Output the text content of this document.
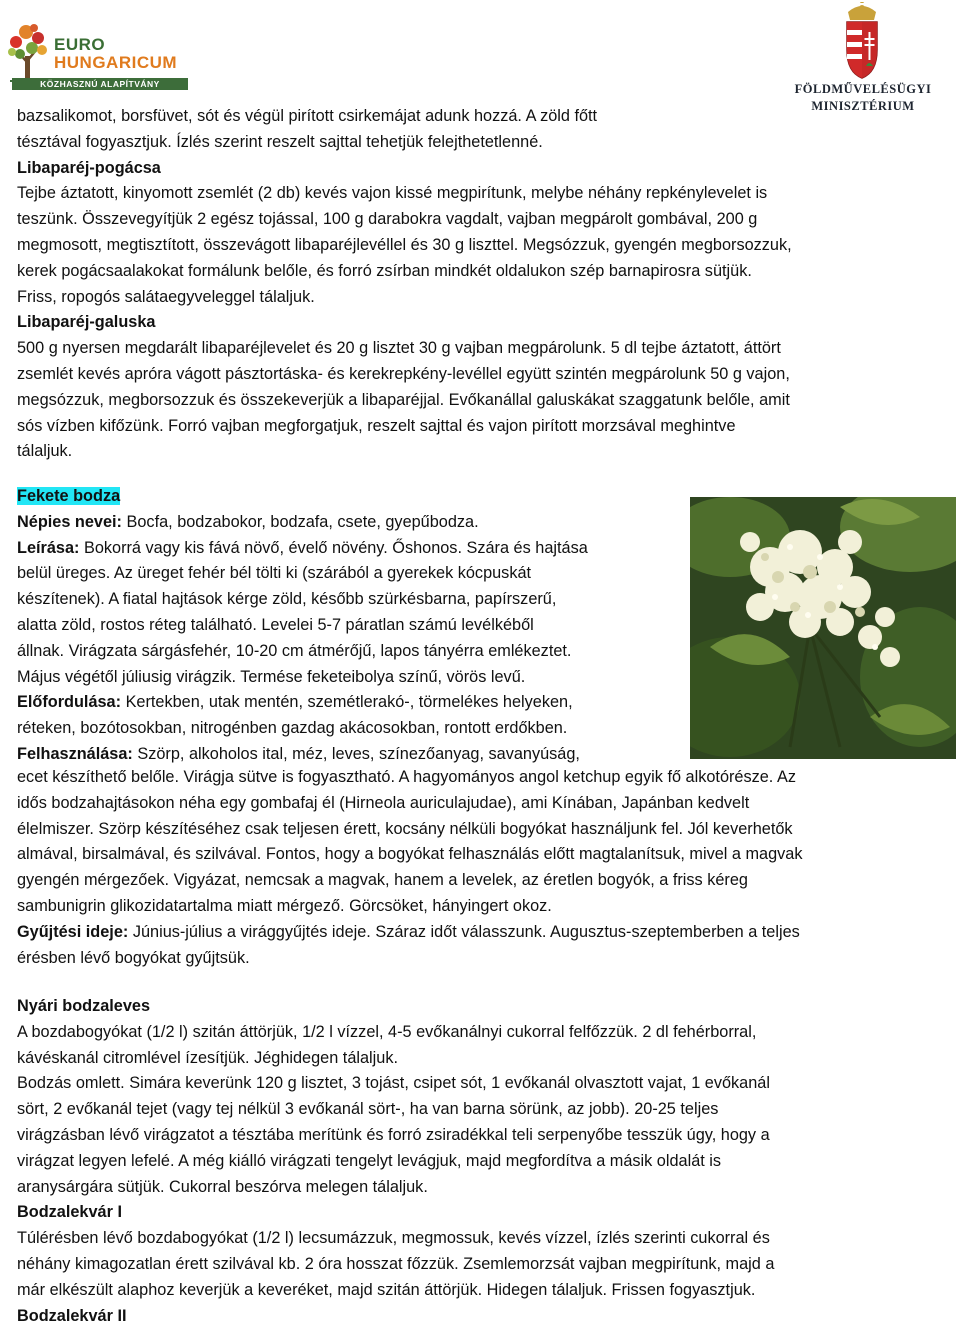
EURO
HUNGARICUM
KÖZHASZNÚ ALAPÍTVÁNY	FÖLDMŰVELÉSÜGYI
MINISZTÉRIUM
bazsalikomot, borsfüvet, sót és végül pirított csirkemájat adunk hozzá. A zöld főtt
tésztával fogyasztjuk. Ízlés szerint reszelt sajttal tehetjük felejthetetlenné.
Libaparéj-pogácsa
Tejbe áztatott, kinyomott zsemlét (2 db) kevés vajon kissé megpirítunk, melybe néhány repkénylevelet is
teszünk. Összevegyítjük 2 egész tojással, 100 g darabokra vagdalt, vajban megpárolt gombával, 200 g
megmosott, megtisztított, összevágott libaparéjlevéllel és 30 g liszttel. Megsózzuk, gyengén megborsozzuk,
kerek pogácsaalakokat formálunk belőle, és forró zsírban mindkét oldalukon szép barnapirosra sütjük.
Friss, ropogós salátaegyveleggel tálaljuk.
Libaparéj-galuska
500 g nyersen megdarált libaparéjlevelet és 20 g lisztet 30 g vajban megpárolunk. 5 dl tejbe áztatott, áttört
zsemlét kevés apróra vágott pásztortáska- és kerekrepkény-levéllel együtt szintén megpárolunk 50 g vajon,
megsózzuk, megborsozzuk és összekeverjük a libaparéjjal. Evőkanállal galuskákat szaggatunk belőle, amit
sós vízben kifőzünk. Forró vajban megforgatjuk, reszelt sajttal és vajon pirított morzsával meghintve
tálaljuk.
Fekete bodza
Népies nevei: Bocfa, bodzabokor, bodzafa, csete, gyepűbodza.
Leírása: Bokorrá vagy kis fává növő, évelő növény. Őshonos. Szára és hajtása
belül üreges. Az üreget fehér bél tölti ki (szárából a gyerekek kócpuskát
készítenek). A fiatal hajtások kérge zöld, később szürkésbarna, papírszerű,
alatta zöld, rostos réteg található. Levelei 5-7 páratlan számú levélkéből
állnak. Virágzata sárgásfehér, 10-20 cm átmérőjű, lapos tányérra emlékeztet.
Május végétől júliusig virágzik. Termése feketeibolya színű, vörös levű.
Előfordulása: Kertekben, utak mentén, szemétlerakó-, törmelékes helyeken,
réteken, bozótosokban, nitrogénben gazdag akácosokban, rontott erdőkben.
Felhasználása: Szörp, alkoholos ital, méz, leves, színezőanyag, savanyúság,
ecet készíthető belőle. Virágja sütve is fogyasztható. A hagyományos angol ketchup egyik fő alkotórésze. Az
idős bodzahajtásokon néha egy gombafaj él (Hirneola auriculajudae), ami Kínában, Japánban kedvelt
élelmiszer. Szörp készítéséhez csak teljesen érett, kocsány nélküli bogyókat használjunk fel. Jól keverhetők
almával, birsalmával, és szilvával. Fontos, hogy a bogyókat felhasználás előtt magtalanítsuk, mivel a magvak
gyengén mérgezőek. Vigyázat, nemcsak a magvak, hanem a levelek, az éretlen bogyók, a friss kéreg
sambunigrin glikozidatartalma miatt mérgező. Görcsöket, hányingert okoz.
Gyűjtési ideje: Június-július a virággyűjtés ideje. Száraz időt válasszunk. Augusztus-szeptemberben a teljes
érésben lévő bogyókat gyűjtsük.
Nyári bodzaleves
A bozdabogyókat (1/2 l) szitán áttörjük, 1/2 l vízzel, 4-5 evőkanálnyi cukorral felfőzzük. 2 dl fehérborral,
kávéskanál citromlével ízesítjük. Jéghidegen tálaljuk.
Bodzás omlett. Simára keverünk 120 g lisztet, 3 tojást, csipet sót, 1 evőkanál olvasztott vajat, 1 evőkanál
sört, 2 evőkanál tejet (vagy tej nélkül 3 evőkanál sört-, ha van barna sörünk, az jobb). 20-25 teljes
virágzásban lévő virágzatot a tésztába merítünk és forró zsiradékkal teli serpenyőbe tesszük úgy, hogy a
virágzat legyen lefelé. A még kiálló virágzati tengelyt levágjuk, majd megfordítva a másik oldalát is
aranysárgára sütjük. Cukorral beszórva melegen tálaljuk.
Bodzalekvár I
Túlérésben lévő bozdabogyókat (1/2 l) lecsumázzuk, megmossuk, kevés vízzel, ízlés szerinti cukorral és
néhány kimagozatlan érett szilvával kb. 2 óra hosszat főzzük. Zsemlemorzsát vajban megpirítunk, majd a
már elkészült alaphoz keverjük a keveréket, majd szitán áttörjük. Hidegen tálaljuk. Frissen fogyasztjuk.
Bodzalekvár II
